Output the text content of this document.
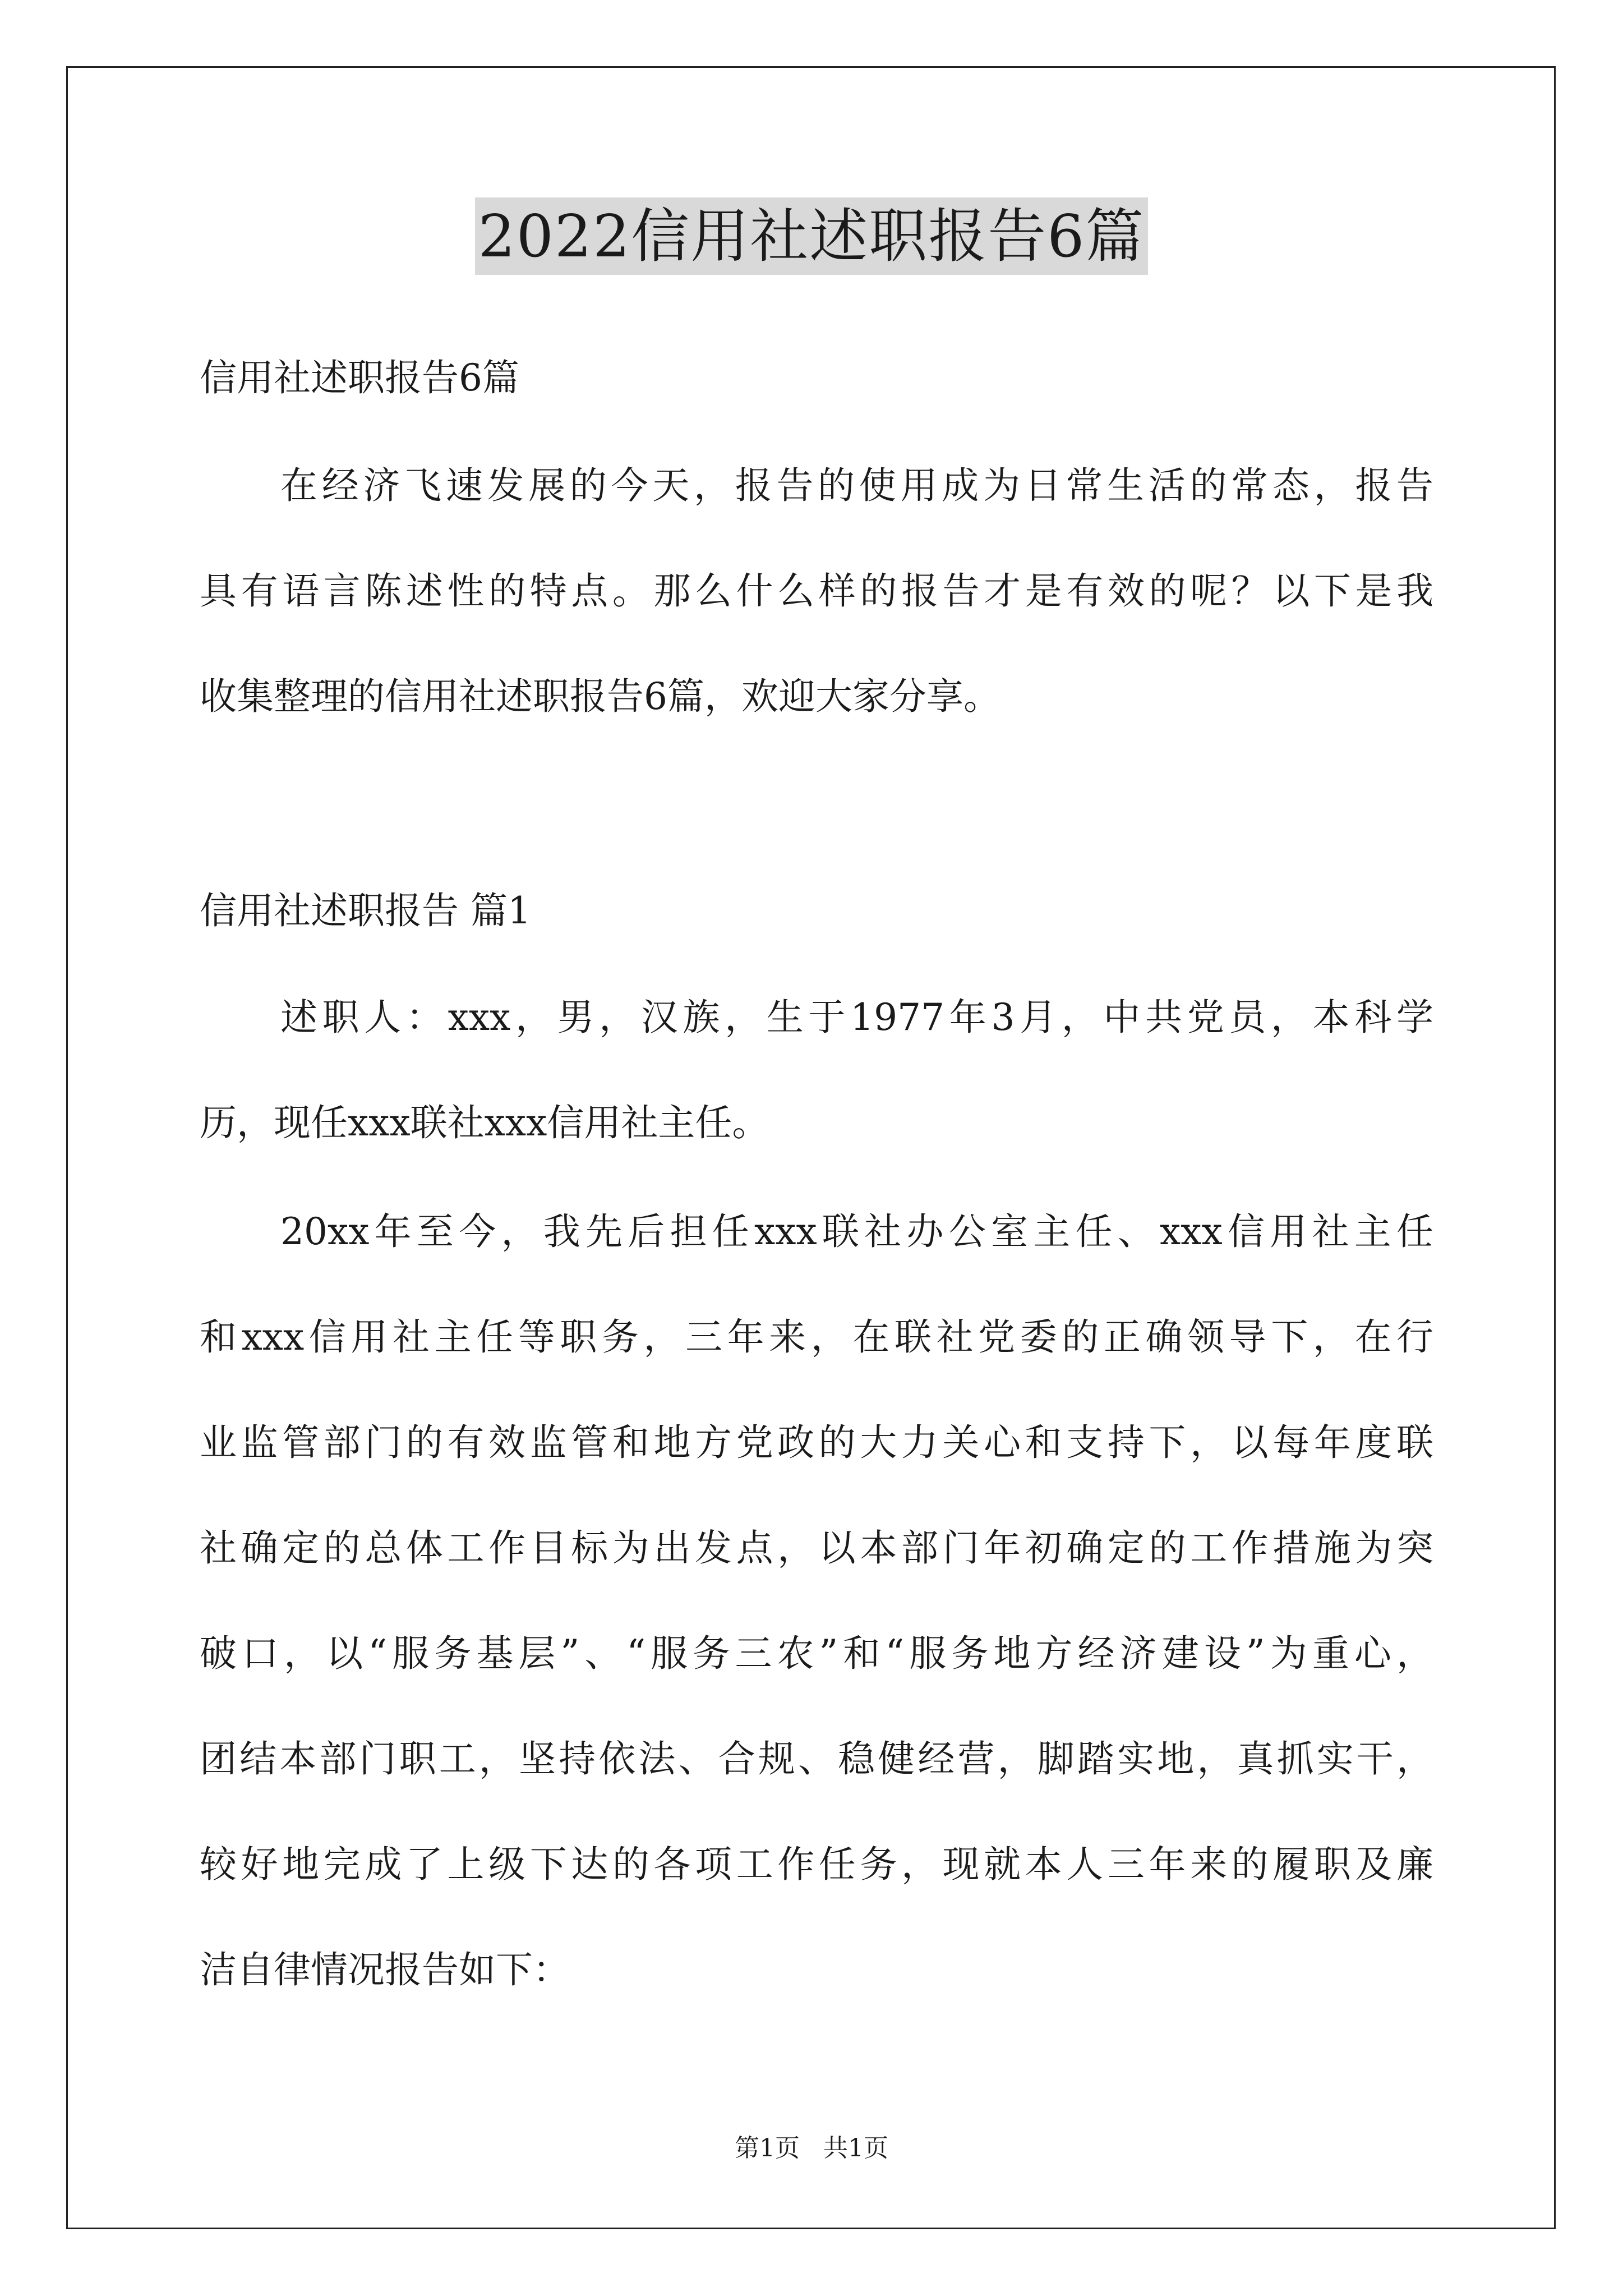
2022信用社述职报告6篇
信用社述职报告6篇
在经济飞速发展的今天，报告的使用成为日常生活的常态，报告
具有语言陈述性的特点。那么什么样的报告才是有效的呢？以下是我
收集整理的信用社述职报告6篇，欢迎大家分享。
信用社述职报告 篇1
述职人：xxx，男，汉族，生于1977年3月，中共党员，本科学
历，现任xxx联社xxx信用社主任。
20xx年至今，我先后担任xxx联社办公室主任、xxx信用社主任
和xxx信用社主任等职务，三年来，在联社党委的正确领导下，在行
业监管部门的有效监管和地方党政的大力关心和支持下，以每年度联
社确定的总体工作目标为出发点，以本部门年初确定的工作措施为突
破口，以“服务基层”、“服务三农”和“服务地方经济建设”为重心，
团结本部门职工，坚持依法、合规、稳健经营，脚踏实地，真抓实干，
较好地完成了上级下达的各项工作任务，现就本人三年来的履职及廉
洁自律情况报告如下：
第1页   共1页
